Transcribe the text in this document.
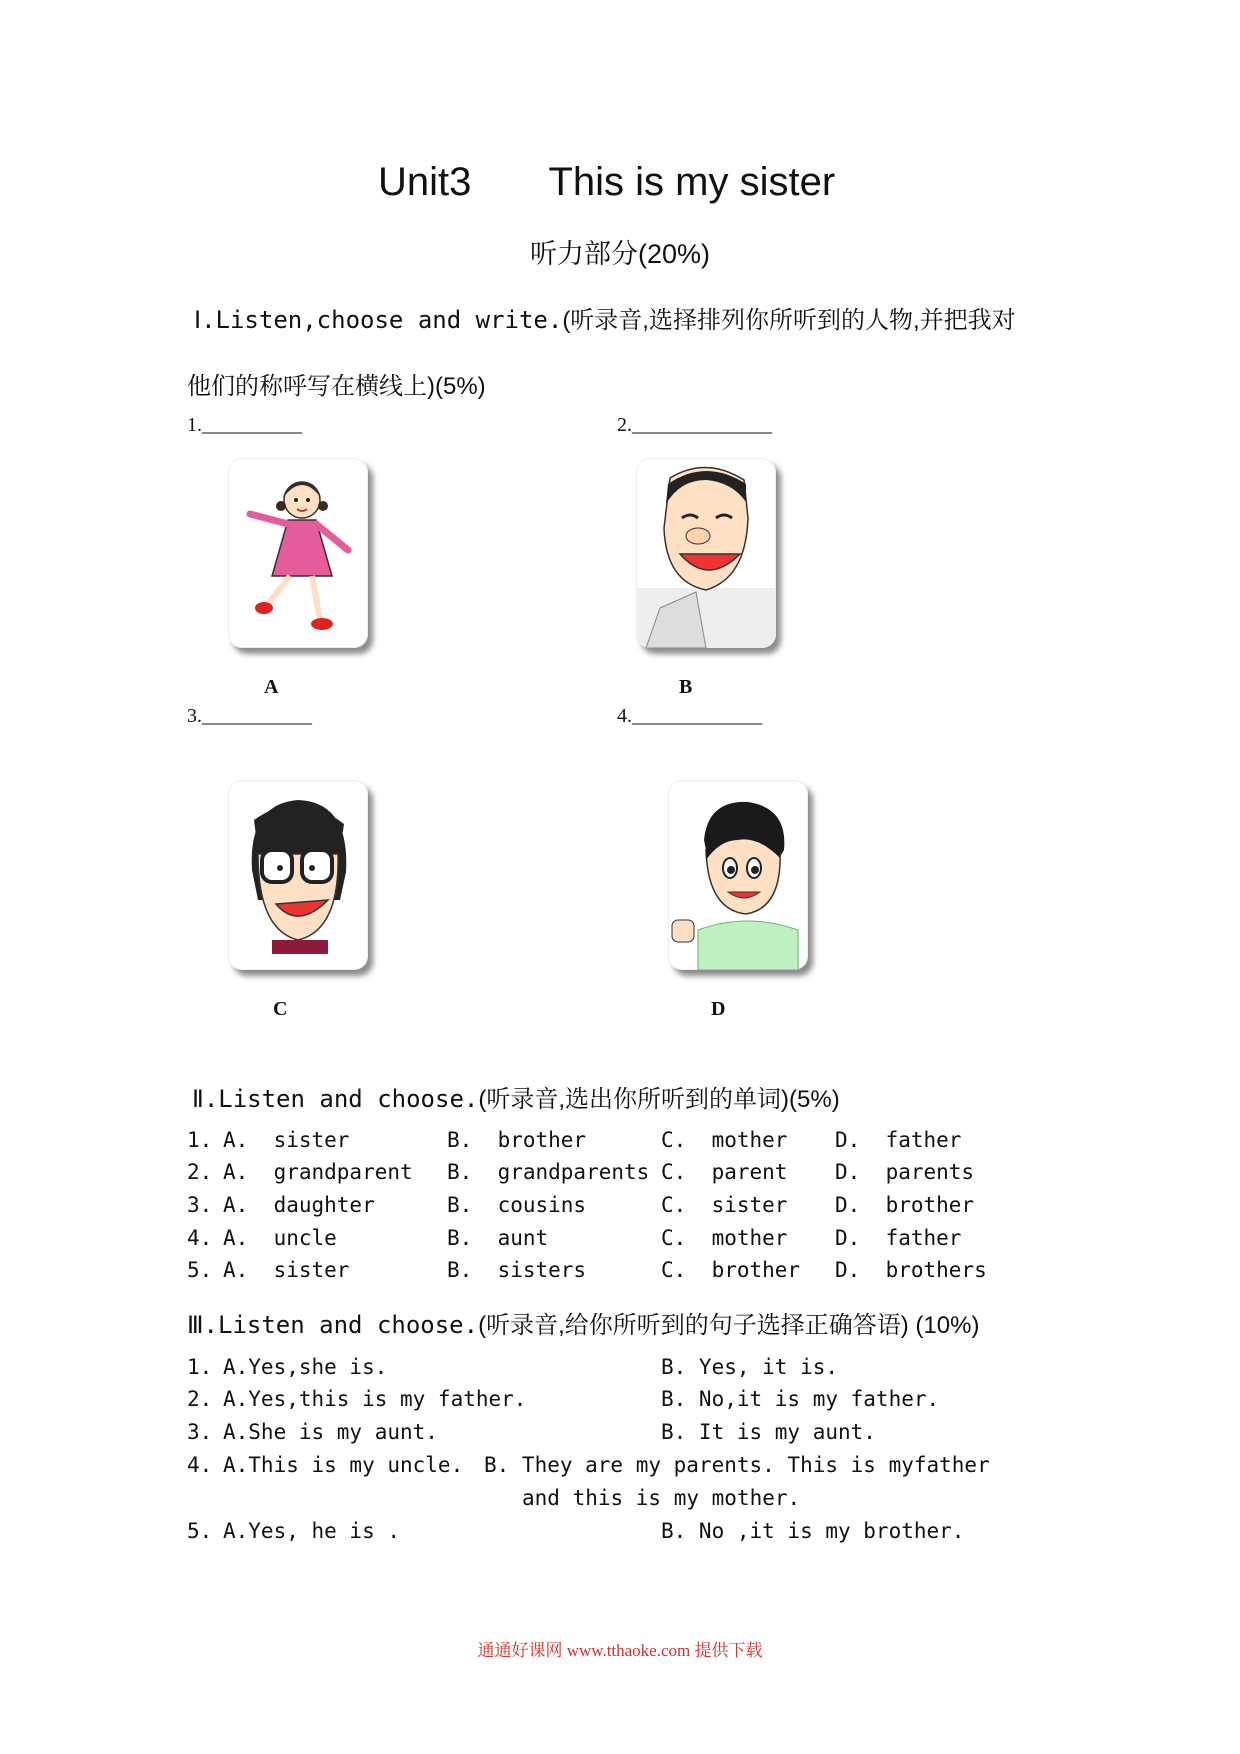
Unit3 This is my sister
听力部分(20%)
Ⅰ.Listen,choose and write.(听录音,选择排列你所听到的人物,并把我对
他们的称呼写在横线上)(5%)
1.__________
A
2.______________
B
3.___________
C
4._____________
D
Ⅱ.Listen and choose.(听录音,选出你所听到的单词)(5%)
1. A.  sister	B.  brother	C.  mother D.  father
2. A.  grandparent B.  grandparents C.  parent D.  parents
3. A.  daughter	B.  cousins	C.  sister D.  brother
4. A.  uncle	B.  aunt	C.  mother D.  father
5. A.  sister	B.  sisters	C.  brother D.  brothers
Ⅲ.Listen and choose.(听录音,给你所听到的句子选择正确答语) (10%)
1. A.Yes,she is.	B. Yes, it is.
2. A.Yes,this is my father.	B. No,it is my father.
3. A.She is my aunt.	B. It is my aunt.
4. A.This is my uncle. B. They are my parents. This is myfather
and this is my mother.
5. A.Yes, he is .	B. No ,it is my brother.
通通好课网 www.tthaoke.com 提供下载
